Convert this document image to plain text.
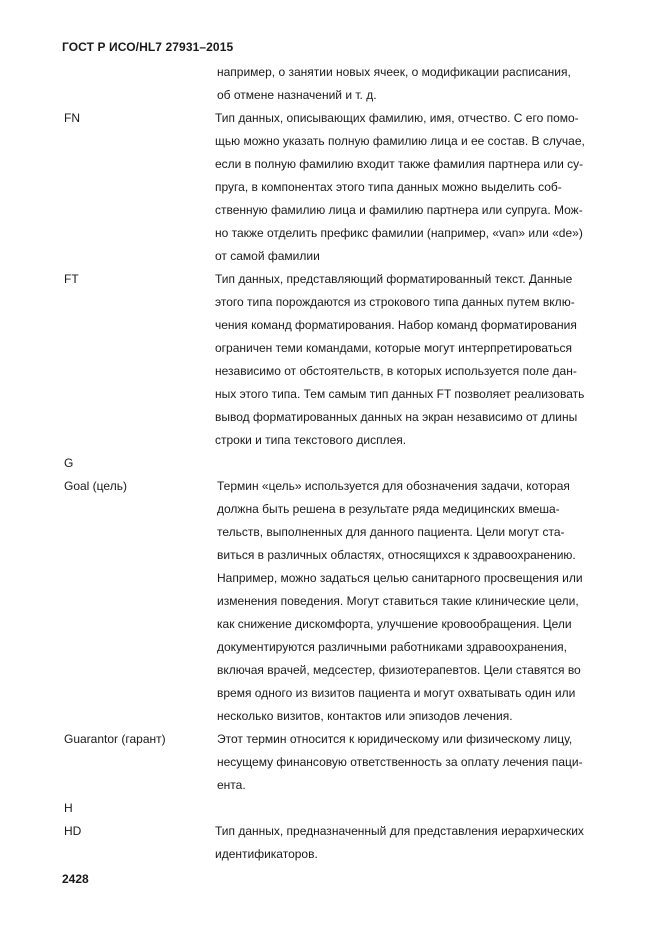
ГОСТ Р ИСО/HL7 27931–2015
например, о занятии новых ячеек, о модификации расписания,
об отмене назначений и т. д.
FN	Тип данных, описывающих фамилию, имя, отчество. С его помо-
щью можно указать полную фамилию лица и ее состав. В случае,
если в полную фамилию входит также фамилия партнера или су-
пруга, в компонентах этого типа данных можно выделить соб-
ственную фамилию лица и фамилию партнера или супруга. Мож-
но также отделить префикс фамилии (например, «van» или «de»)
от самой фамилии
FT	Тип данных, представляющий форматированный текст. Данные
этого типа порождаются из строкового типа данных путем вклю-
чения команд форматирования. Набор команд форматирования
ограничен теми командами, которые могут интерпретироваться
независимо от обстоятельств, в которых используется поле дан-
ных этого типа. Тем самым тип данных FT позволяет реализовать
вывод форматированных данных на экран независимо от длины
строки и типа текстового дисплея.
G
Goal (цель)	Термин «цель» используется для обозначения задачи, которая
должна быть решена в результате ряда медицинских вмеша-
тельств, выполненных для данного пациента. Цели могут ста-
виться в различных областях, относящихся к здравоохранению.
Например, можно задаться целью санитарного просвещения или
изменения поведения. Могут ставиться такие клинические цели,
как снижение дискомфорта, улучшение кровообращения. Цели
документируются различными работниками здравоохранения,
включая врачей, медсестер, физиотерапевтов. Цели ставятся во
время одного из визитов пациента и могут охватывать один или
несколько визитов, контактов или эпизодов лечения.
Guarantor (гарант)	Этот термин относится к юридическому или физическому лицу,
несущему финансовую ответственность за оплату лечения паци-
ента.
H
HD	Тип данных, предназначенный для представления иерархических
идентификаторов.
2428
